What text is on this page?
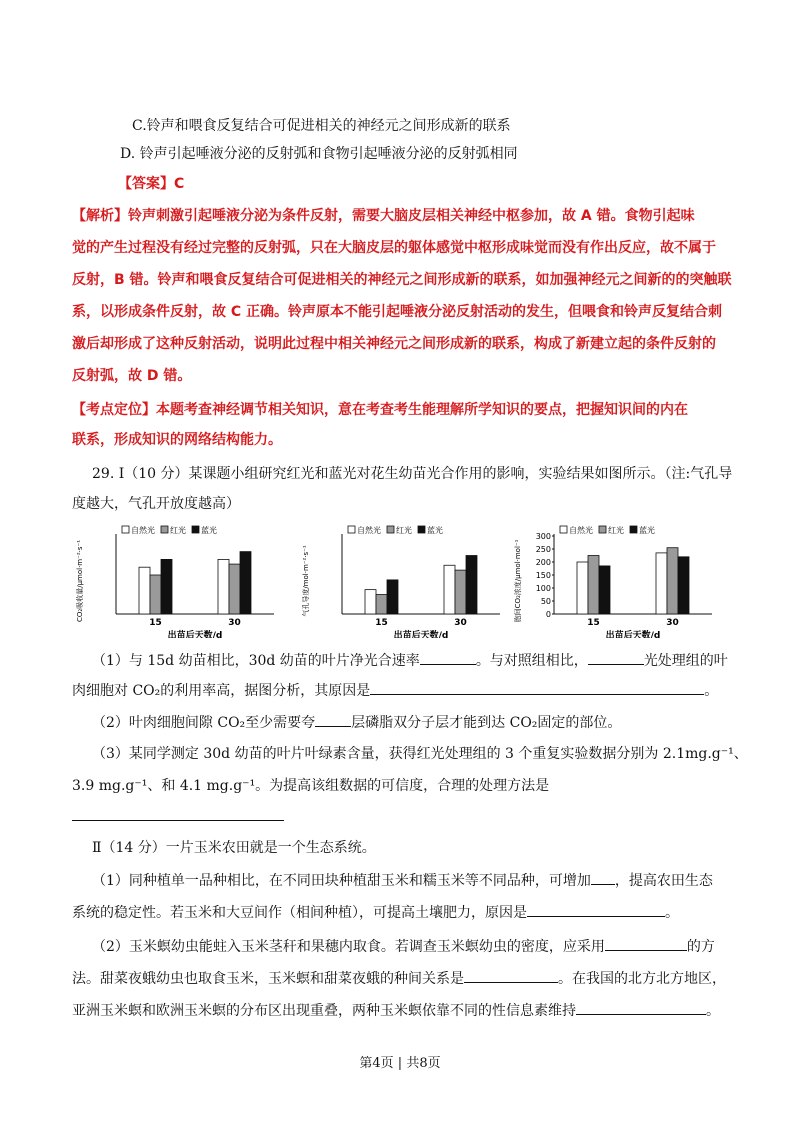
C.铃声和喂食反复结合可促进相关的神经元之间形成新的联系
D. 铃声引起唾液分泌的反射弧和食物引起唾液分泌的反射弧相同
【答案】C
【解析】铃声刺激引起唾液分泌为条件反射，需要大脑皮层相关神经中枢参加，故 A 错。食物引起味
觉的产生过程没有经过完整的反射弧，只在大脑皮层的躯体感觉中枢形成味觉而没有作出反应，故不属于
反射，B 错。铃声和喂食反复结合可促进相关的神经元之间形成新的联系，如加强神经元之间新的的突触联
系，以形成条件反射，故 C 正确。铃声原本不能引起唾液分泌反射活动的发生，但喂食和铃声反复结合刺
激后却形成了这种反射活动，说明此过程中相关神经元之间形成新的联系，构成了新建立起的条件反射的
反射弧，故 D 错。
【考点定位】本题考查神经调节相关知识，意在考查考生能理解所学知识的要点，把握知识间的内在
联系，形成知识的网络结构能力。
29. I（10 分）某课题小组研究红光和蓝光对花生幼苗光合作用的影响，实验结果如图所示。（注:气孔导
度越大，气孔开放度越高）
CO₂吸收量/μmol·m⁻²·s⁻¹
自然光 红光 蓝光
15	30
出苗后天数/d
气孔导度/mol·m⁻²·s⁻¹
自然光 红光 蓝光
15	30
出苗后天数/d
胞间CO₂浓度/μmol·mol⁻¹	0
50
100
150
200
250
300
自然光 红光 蓝光
15	30
出苗后天数/d
（1）与 15d 幼苗相比，30d 幼苗的叶片净光合速率	。与对照组相比，	光处理组的叶
肉细胞对 CO₂的利用率高，据图分析，其原因是	。
（2）叶肉细胞间隙 CO₂至少需要夸	层磷脂双分子层才能到达 CO₂固定的部位。
（3）某同学测定 30d 幼苗的叶片叶绿素含量，获得红光处理组的 3 个重复实验数据分别为 2.1mg.g⁻¹、
3.9 mg.g⁻¹、和 4.1 mg.g⁻¹。为提高该组数据的可信度，合理的处理方法是
Ⅱ（14 分）一片玉米农田就是一个生态系统。
（1）同种植单一品种相比，在不同田块种植甜玉米和糯玉米等不同品种，可增加 ，提高农田生态
系统的稳定性。若玉米和大豆间作（相间种植），可提高土壤肥力，原因是	。
（2）玉米螟幼虫能蛀入玉米茎秆和果穗内取食。若调查玉米螟幼虫的密度，应采用	的方
法。甜菜夜蛾幼虫也取食玉米，玉米螟和甜菜夜蛾的种间关系是	。在我国的北方北方地区，
亚洲玉米螟和欧洲玉米螟的分布区出现重叠，两种玉米螟依靠不同的性信息素维持	。
第4页 | 共8页
